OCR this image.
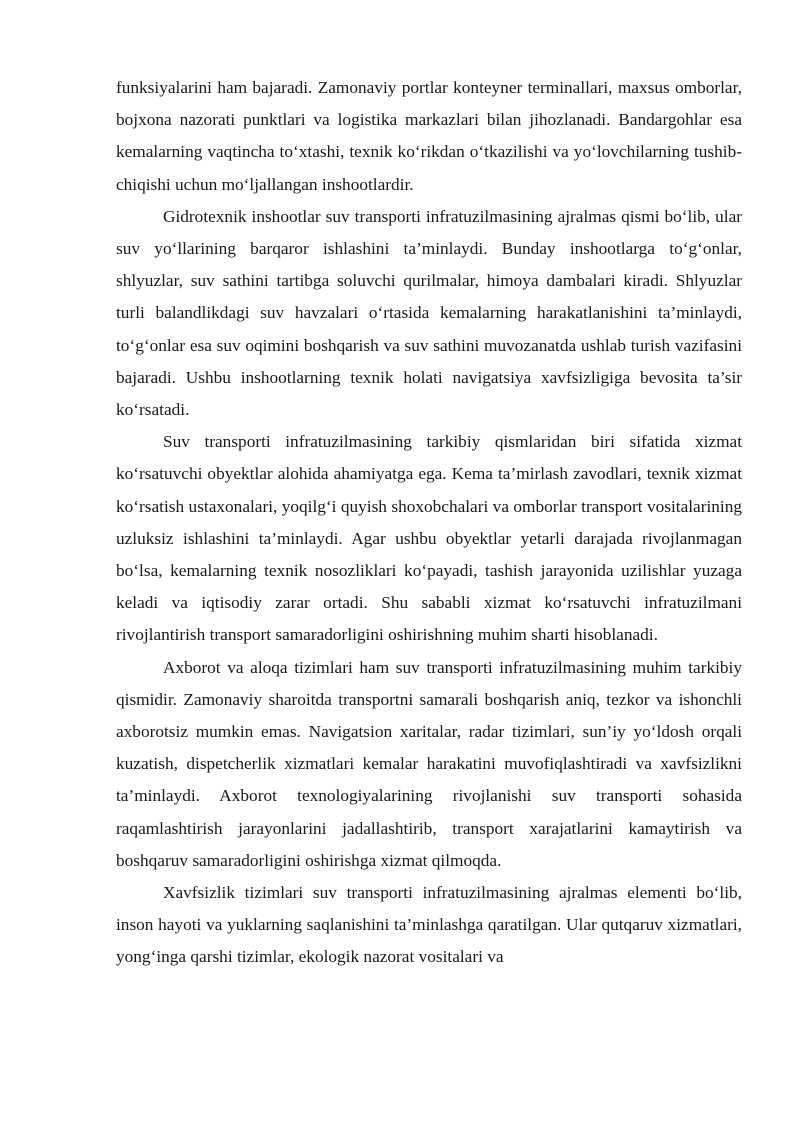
funksiyalarini ham bajaradi. Zamonaviy portlar konteyner terminallari, maxsus omborlar, bojxona nazorati punktlari va logistika markazlari bilan jihozlanadi. Bandargohlar esa kemalarning vaqtincha to‘xtashi, texnik ko‘rikdan o‘tkazilishi va yo‘lovchilarning tushib-chiqishi uchun mo‘ljallangan inshootlardir.

Gidrotexnik inshootlar suv transporti infratuzilmasining ajralmas qismi bo‘lib, ular suv yo‘llarining barqaror ishlashini ta’minlaydi. Bunday inshootlarga to‘g‘onlar, shlyuzlar, suv sathini tartibga soluvchi qurilmalar, himoya dambalari kiradi. Shlyuzlar turli balandlikdagi suv havzalari o‘rtasida kemalarning harakatlanishini ta’minlaydi, to‘g‘onlar esa suv oqimini boshqarish va suv sathini muvozanatda ushlab turish vazifasini bajaradi. Ushbu inshootlarning texnik holati navigatsiya xavfsizligiga bevosita ta’sir ko‘rsatadi.

Suv transporti infratuzilmasining tarkibiy qismlaridan biri sifatida xizmat ko‘rsatuvchi obyektlar alohida ahamiyatga ega. Kema ta’mirlash zavodlari, texnik xizmat ko‘rsatish ustaxonalari, yoqilg‘i quyish shoxobchalari va omborlar transport vositalarining uzluksiz ishlashini ta’minlaydi. Agar ushbu obyektlar yetarli darajada rivojlanmagan bo‘lsa, kemalarning texnik nosozliklari ko‘payadi, tashish jarayonida uzilishlar yuzaga keladi va iqtisodiy zarar ortadi. Shu sababli xizmat ko‘rsatuvchi infratuzilmani rivojlantirish transport samaradorligini oshirishning muhim sharti hisoblanadi.

Axborot va aloqa tizimlari ham suv transporti infratuzilmasining muhim tarkibiy qismidir. Zamonaviy sharoitda transportni samarali boshqarish aniq, tezkor va ishonchli axborotsiz mumkin emas. Navigatsion xaritalar, radar tizimlari, sun’iy yo‘ldosh orqali kuzatish, dispetcherlik xizmatlari kemalar harakatini muvofiqlashtiradi va xavfsizlikni ta’minlaydi. Axborot texnologiyalarining rivojlanishi suv transporti sohasida raqamlashtirish jarayonlarini jadallashtirib, transport xarajatlarini kamaytirish va boshqaruv samaradorligini oshirishga xizmat qilmoqda.

Xavfsizlik tizimlari suv transporti infratuzilmasining ajralmas elementi bo‘lib, inson hayoti va yuklarning saqlanishini ta’minlashga qaratilgan. Ular qutqaruv xizmatlari, yong‘inga qarshi tizimlar, ekologik nazorat vositalari va
